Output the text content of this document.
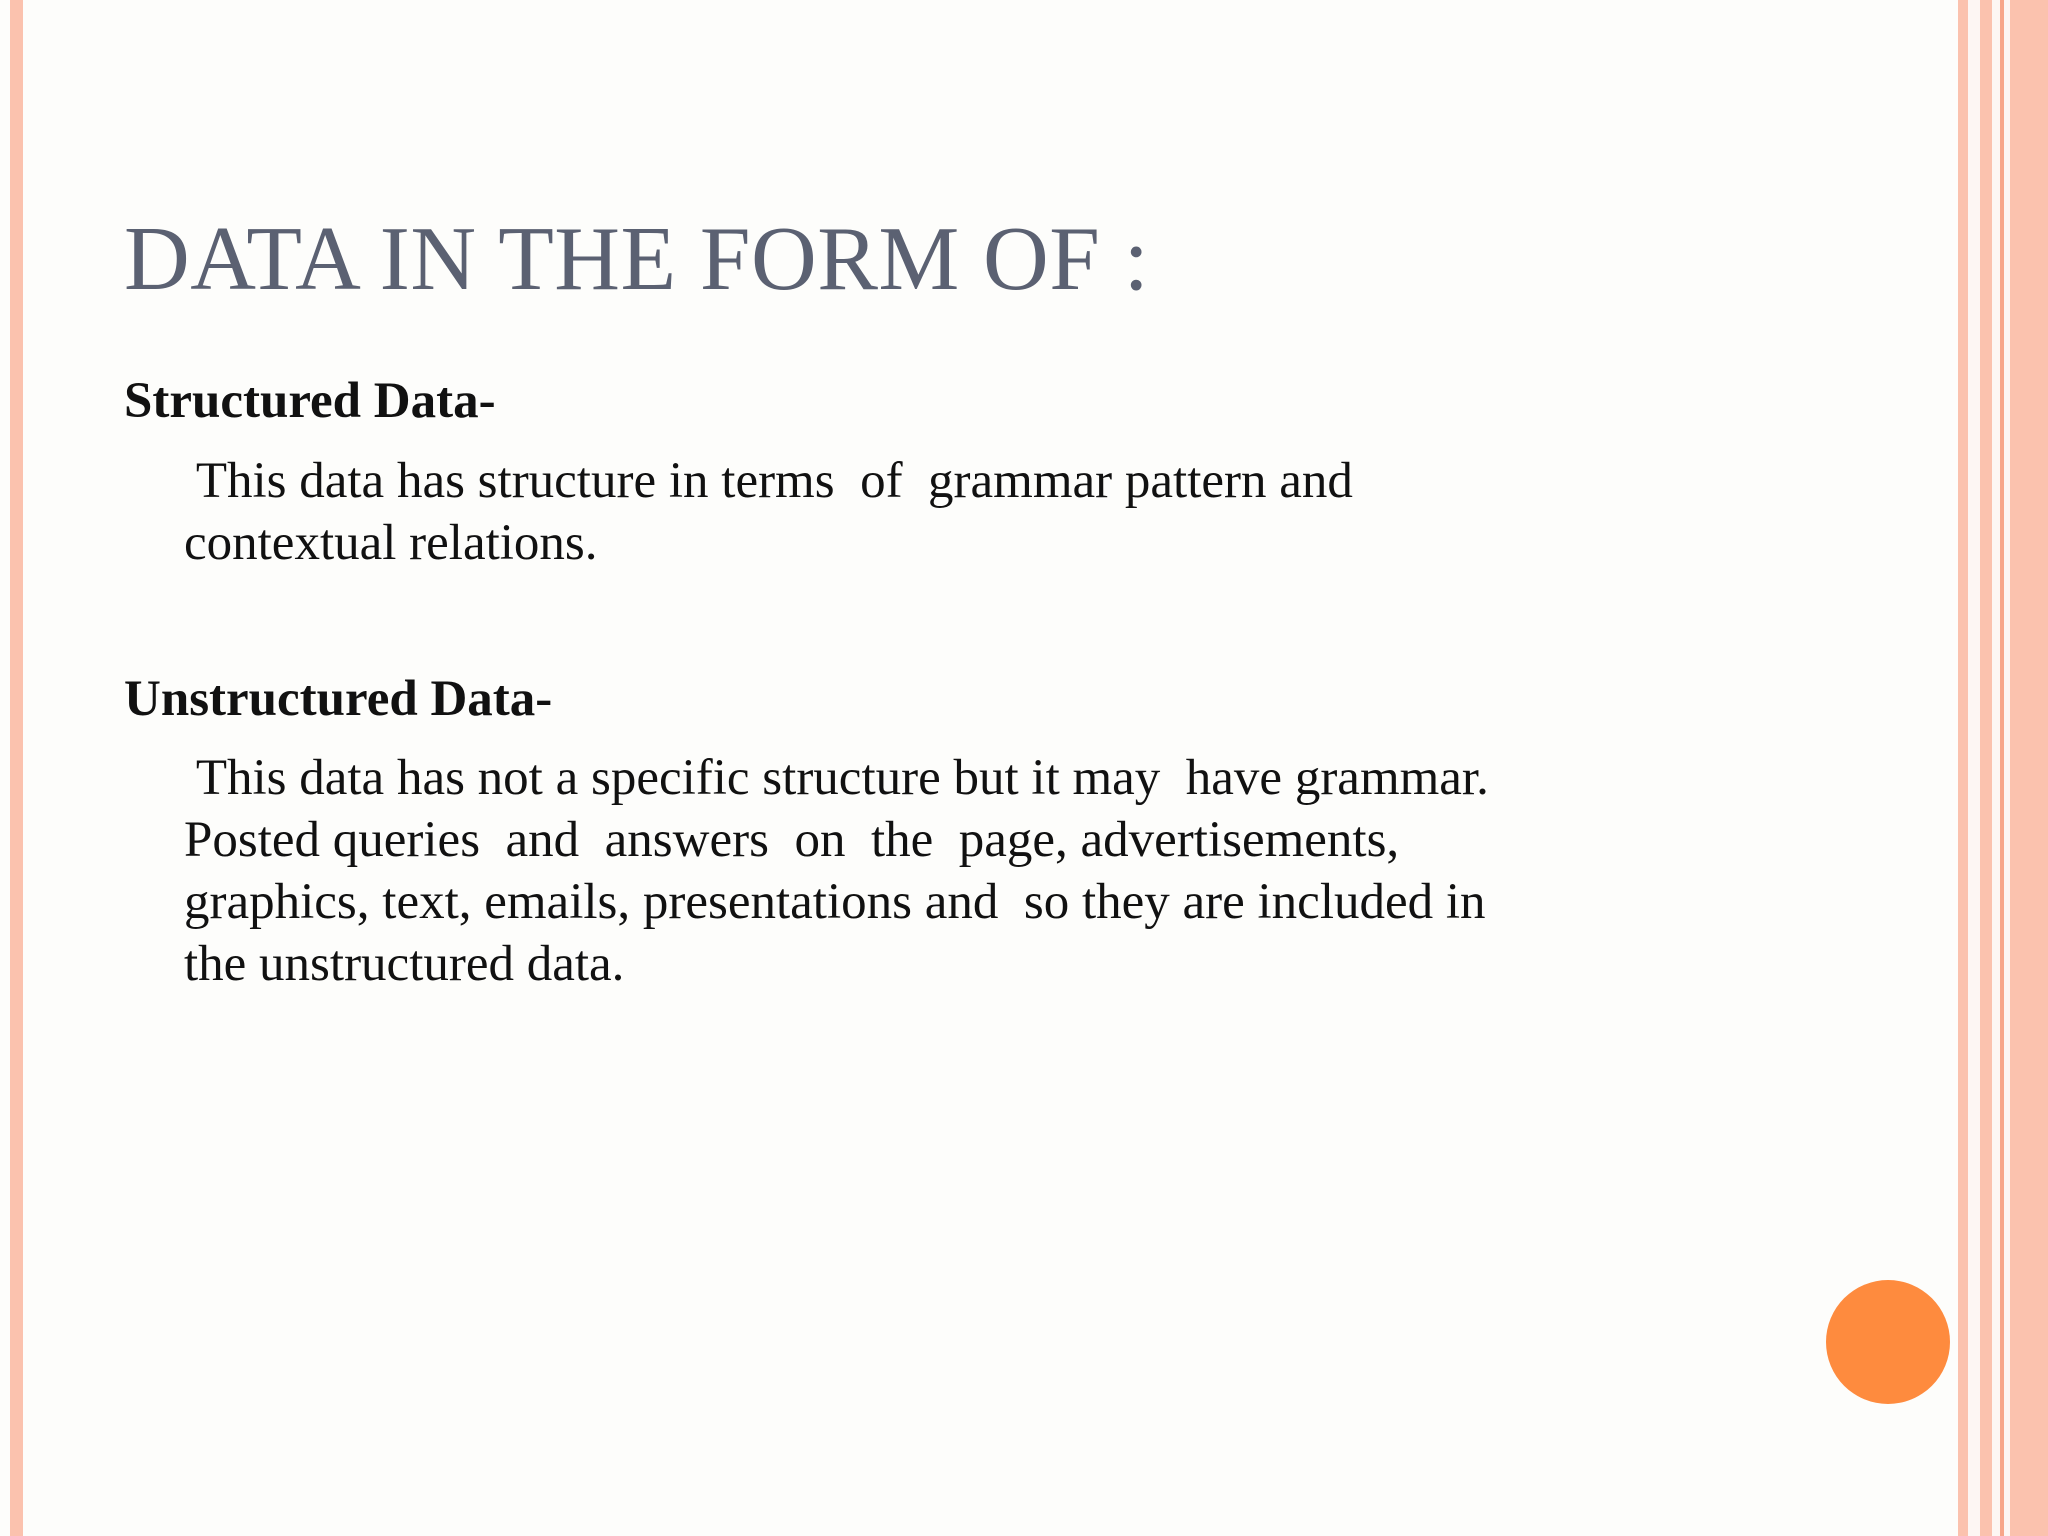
DATA IN THE FORM OF :
Structured Data-

This data has structure in terms  of  grammar pattern and
contextual relations.

Unstructured Data-

This data has not a specific structure but it may  have grammar.
Posted queries  and  answers  on  the  page, advertisements,
graphics, text, emails, presentations and  so they are included in
the unstructured data.
